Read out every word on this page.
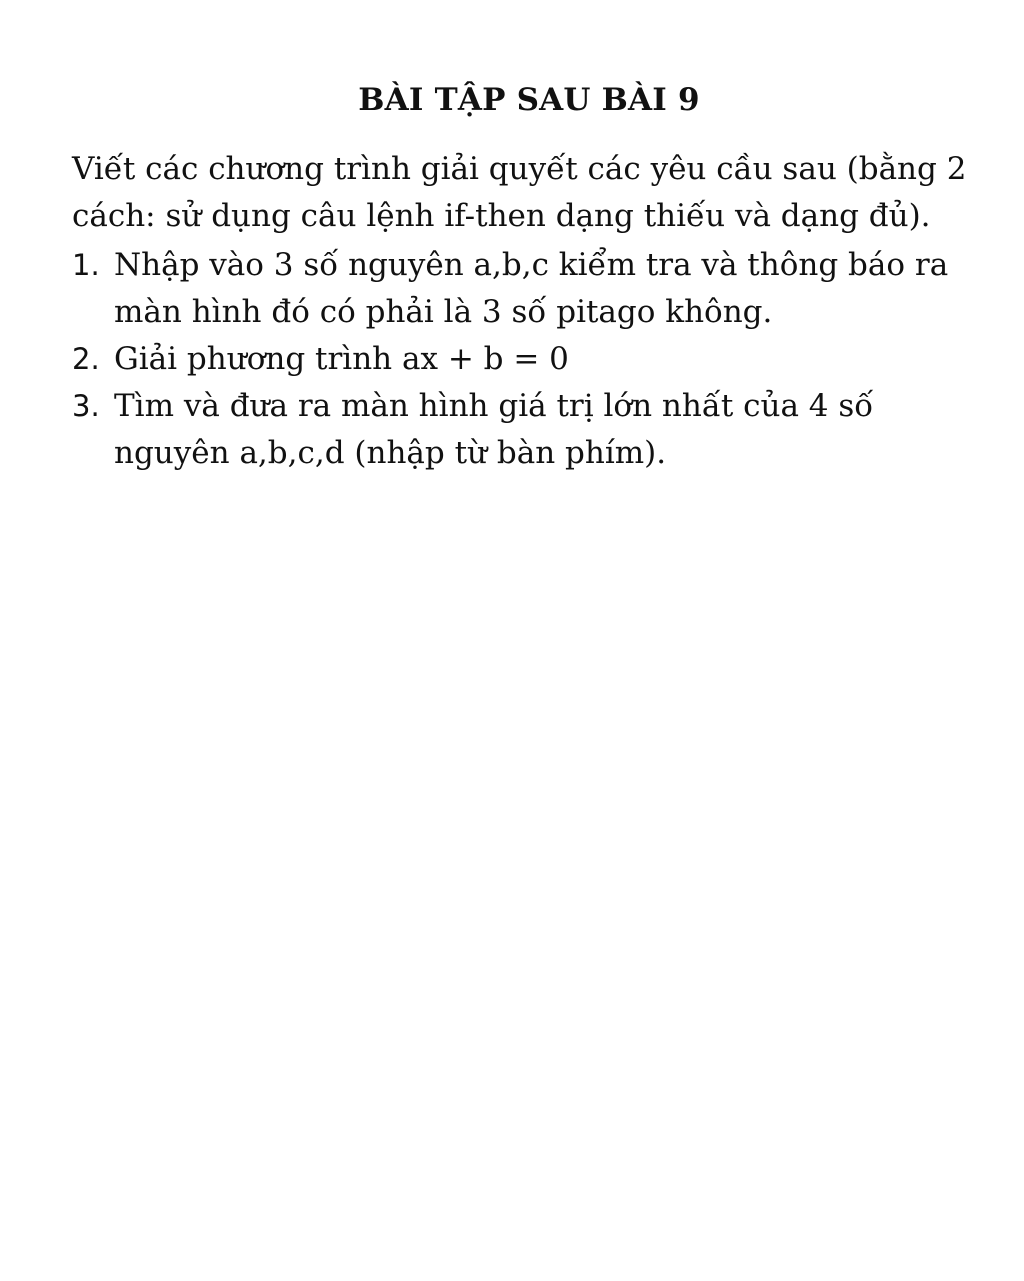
BÀI TẬP SAU BÀI 9

Viết các chương trình giải quyết các yêu cầu sau (bằng 2 cách: sử dụng câu lệnh if-then dạng thiếu và dạng đủ).

1. Nhập vào 3 số nguyên a,b,c kiểm tra và thông báo ra màn hình đó có phải là 3 số pitago không.
2. Giải phương trình ax + b = 0
3. Tìm và đưa ra màn hình giá trị lớn nhất của 4 số nguyên a,b,c,d (nhập từ bàn phím).
